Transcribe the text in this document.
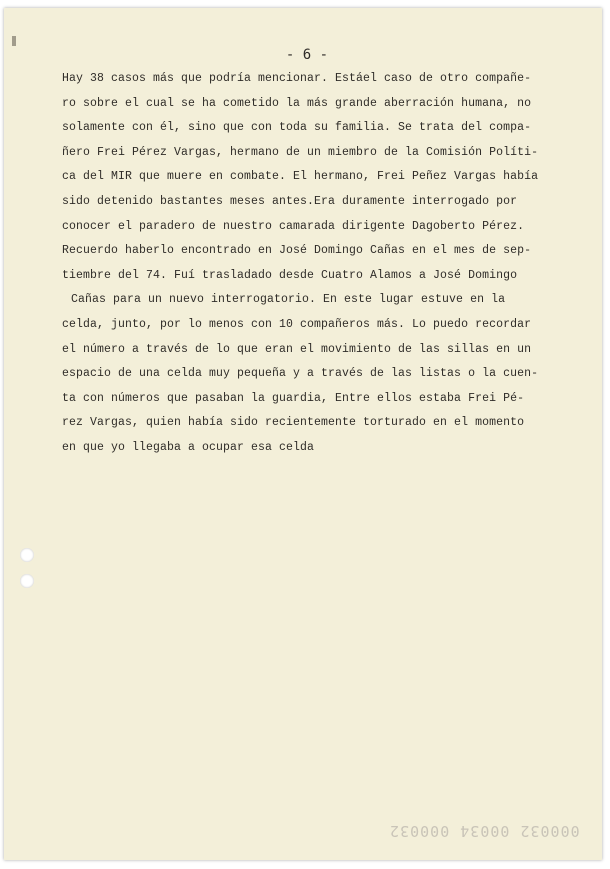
- 6 -
Hay 38 casos más que podría mencionar. Estáel caso de otro compañe-
ro sobre el cual se ha cometido la más grande aberración humana, no
solamente con él, sino que con toda su familia. Se trata del compa-
ñero Frei Pérez Vargas, hermano de un miembro de la Comisión Políti-
ca del MIR que muere en combate. El hermano, Frei Peñez Vargas había
sido detenido bastantes meses antes.Era duramente interrogado por
conocer el paradero de nuestro camarada dirigente Dagoberto Pérez.
Recuerdo haberlo encontrado en José Domingo Cañas en el mes de sep-
tiembre del 74. Fuí trasladado desde Cuatro Alamos a José Domingo
Cañas para un nuevo interrogatorio. En este lugar estuve en la
celda, junto, por lo menos con 10 compañeros más. Lo puedo recordar
el número a través de lo que eran el movimiento de las sillas en un
espacio de una celda muy pequeña y a través de las listas o la cuen-
ta con números que pasaban la guardia, Entre ellos estaba Frei Pé-
rez Vargas, quien había sido recientemente torturado en el momento
en que yo llegaba a ocupar esa celda
000032 00034 000032
